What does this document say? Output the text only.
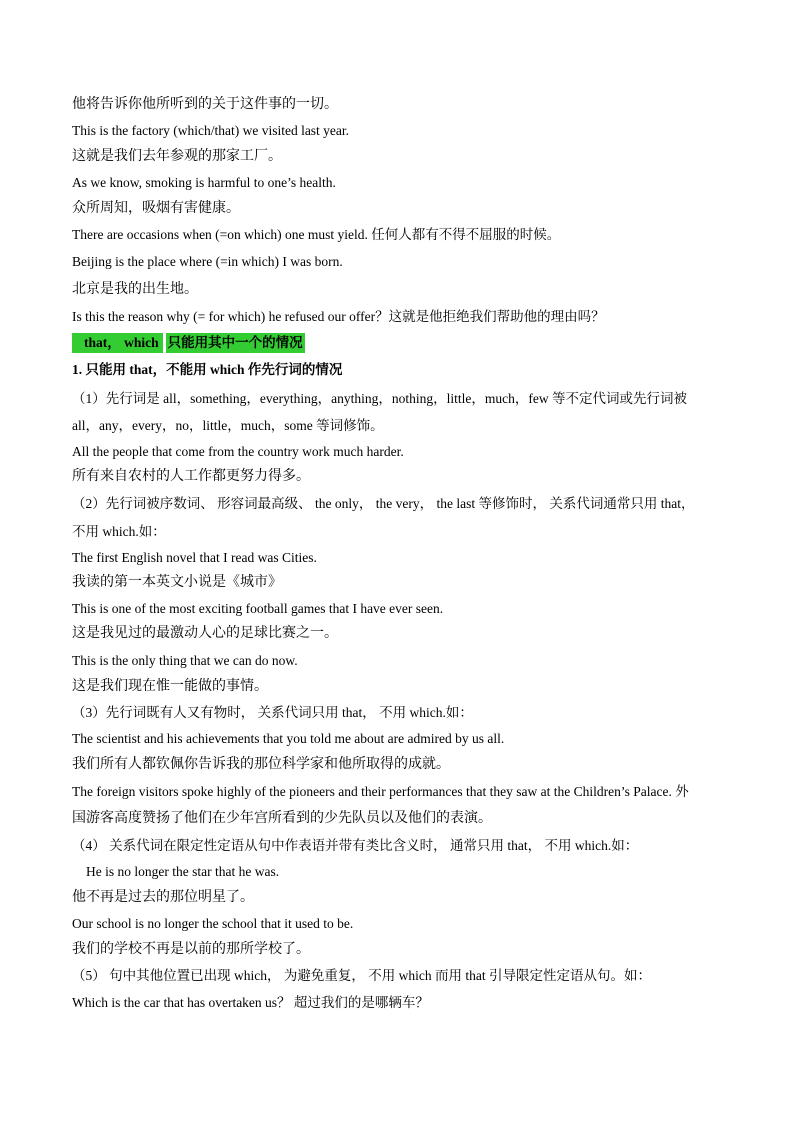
他将告诉你他所听到的关于这件事的一切。
This is the factory (which/that) we visited last year.
这就是我们去年参观的那家工厂。
As we know, smoking is harmful to one’s health.
众所周知，吸烟有害健康。
There are occasions when (=on which) one must yield. 任何人都有不得不屈服的时候。
Beijing is the place where (=in which) I was born.
北京是我的出生地。
Is this the reason why (= for which) he refused our offer？这就是他拒绝我们帮助他的理由吗？
that， which 只能用其中一个的情况
1. 只能用 that，不能用 which 作先行词的情况
（1）先行词是 all，something，everything，anything，nothing，little，much，few 等不定代词或先行词被
all，any，every，no，little，much，some 等词修饰。
All the people that come from the country work much harder.
所有来自农村的人工作都更努力得多。
（2）先行词被序数词、 形容词最高级、 the only， the very， the last 等修饰时， 关系代词通常只用 that，
不用 which.如：
The first English novel that I read was Cities.
我读的第一本英文小说是《城市》
This is one of the most exciting football games that I have ever seen.
这是我见过的最激动人心的足球比赛之一。
This is the only thing that we can do now.
这是我们现在惟一能做的事情。
（3）先行词既有人又有物时， 关系代词只用 that， 不用 which.如：
The scientist and his achievements that you told me about are admired by us all.
我们所有人都钦佩你告诉我的那位科学家和他所取得的成就。
The foreign visitors spoke highly of the pioneers and their performances that they saw at the Children’s Palace. 外
国游客高度赞扬了他们在少年宫所看到的少先队员以及他们的表演。
（4） 关系代词在限定性定语从句中作表语并带有类比含义时， 通常只用 that， 不用 which.如：
He is no longer the star that he was.
他不再是过去的那位明星了。
Our school is no longer the school that it used to be.
我们的学校不再是以前的那所学校了。
（5） 句中其他位置已出现 which， 为避免重复， 不用 which 而用 that 引导限定性定语从句。如：
Which is the car that has overtaken us？ 超过我们的是哪辆车？
